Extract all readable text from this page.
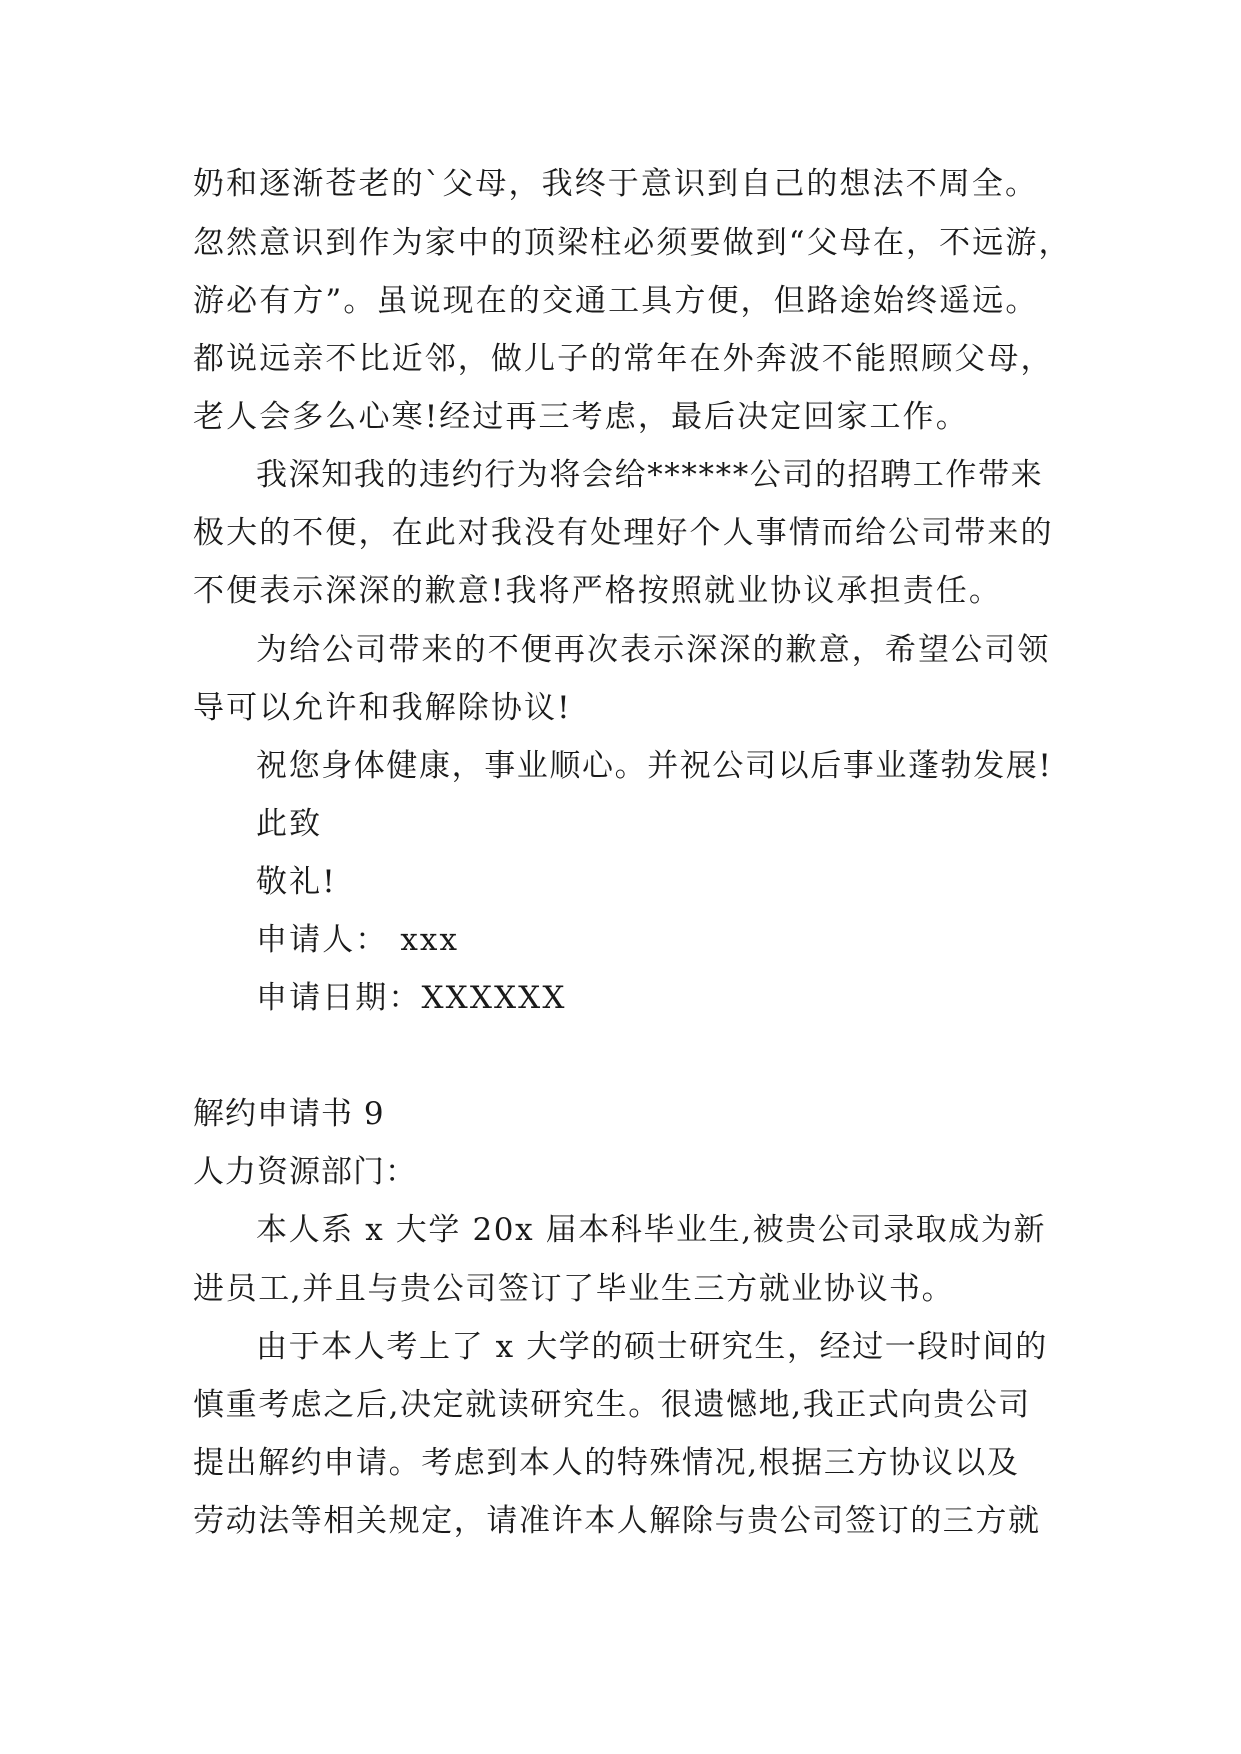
奶和逐渐苍老的`父母，我终于意识到自己的想法不周全。
忽然意识到作为家中的顶梁柱必须要做到“父母在，不远游，
游必有方”。虽说现在的交通工具方便，但路途始终遥远。
都说远亲不比近邻，做儿子的常年在外奔波不能照顾父母，
老人会多么心寒!经过再三考虑，最后决定回家工作。
我深知我的违约行为将会给******公司的招聘工作带来
极大的不便，在此对我没有处理好个人事情而给公司带来的
不便表示深深的歉意!我将严格按照就业协议承担责任。
为给公司带来的不便再次表示深深的歉意，希望公司领
导可以允许和我解除协议!
祝您身体健康，事业顺心。并祝公司以后事业蓬勃发展!
此致
敬礼!
申请人： xxx
申请日期：XXXXXX
解约申请书 9
人力资源部门：
本人系 x 大学 20x 届本科毕业生,被贵公司录取成为新
进员工,并且与贵公司签订了毕业生三方就业协议书。
由于本人考上了 x 大学的硕士研究生，经过一段时间的
慎重考虑之后,决定就读研究生。很遗憾地,我正式向贵公司
提出解约申请。考虑到本人的特殊情况,根据三方协议以及
劳动法等相关规定，请准许本人解除与贵公司签订的三方就
